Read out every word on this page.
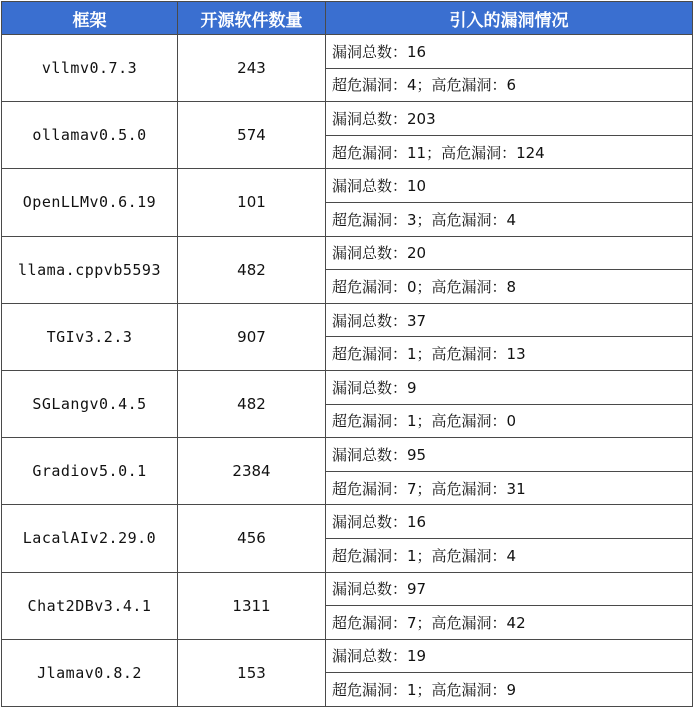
框架	开源软件数量	引入的漏洞情况
vllmv0.7.3	243	漏洞总数：16
		超危漏洞：4；高危漏洞：6
ollamav0.5.0	574	漏洞总数：203
		超危漏洞：11；高危漏洞：124
OpenLLMv0.6.19	101	漏洞总数：10
		超危漏洞：3；高危漏洞：4
llama.cppvb5593	482	漏洞总数：20
		超危漏洞：0；高危漏洞：8
TGIv3.2.3	907	漏洞总数：37
		超危漏洞：1；高危漏洞：13
SGLangv0.4.5	482	漏洞总数：9
		超危漏洞：1；高危漏洞：0
Gradiov5.0.1	2384	漏洞总数：95
		超危漏洞：7；高危漏洞：31
LacalAIv2.29.0	456	漏洞总数：16
		超危漏洞：1；高危漏洞：4
Chat2DBv3.4.1	1311	漏洞总数：97
		超危漏洞：7；高危漏洞：42
Jlamav0.8.2	153	漏洞总数：19
		超危漏洞：1；高危漏洞：9
